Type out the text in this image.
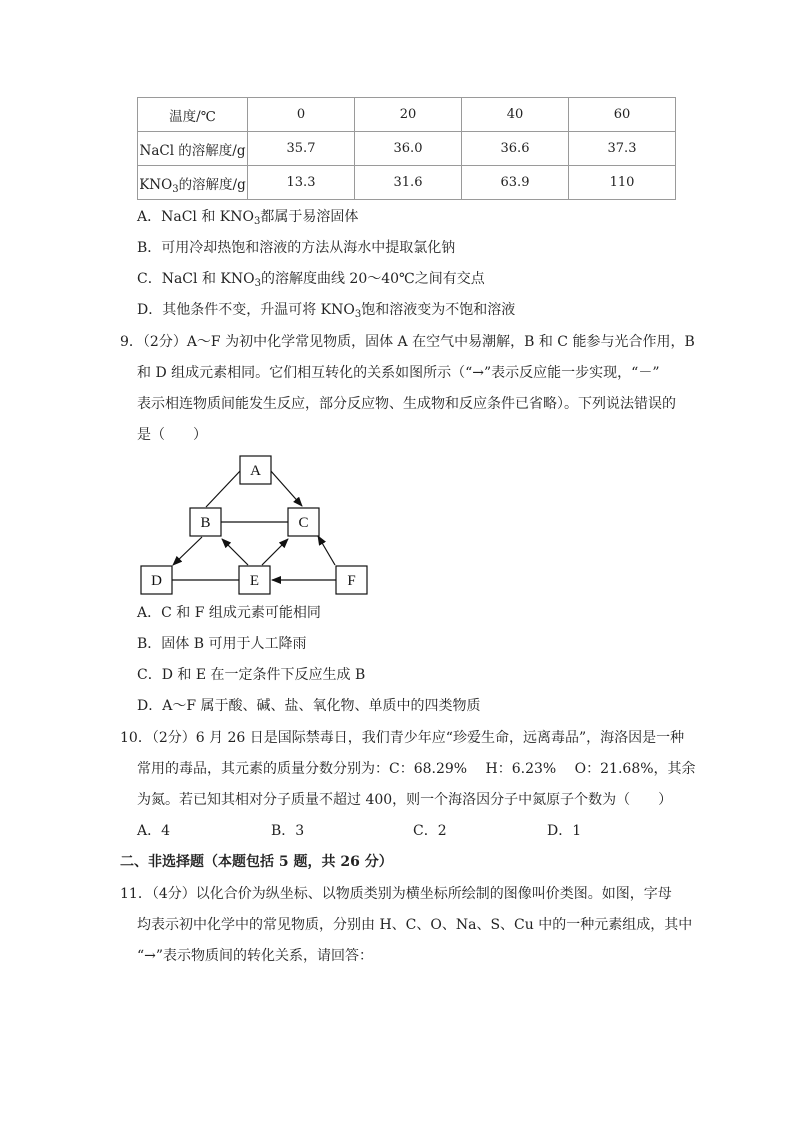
温度/℃	0	20	40	60
NaCl 的溶解度/g	35.7	36.0	36.6	37.3
$KNO_3$的溶解度/g	13.3	31.6	63.9	110
A．NaCl 和 $KNO_3$都属于易溶固体
B．可用冷却热饱和溶液的方法从海水中提取氯化钠
C．NaCl 和 $KNO_3$的溶解度曲线 20～40℃之间有交点
D．其他条件不变，升温可将 $KNO_3$饱和溶液变为不饱和溶液
9．（2分）A～F 为初中化学常见物质，固体 A 在空气中易潮解，B 和 C 能参与光合作用，B
和 D 组成元素相同。它们相互转化的关系如图所示（“→”表示反应能一步实现，“－”
表示相连物质间能发生反应，部分反应物、生成物和反应条件已省略）。下列说法错误的
是（　　）
A
B	C
D	E	F
A．C 和 F 组成元素可能相同
B．固体 B 可用于人工降雨
C．D 和 E 在一定条件下反应生成 B
D．A～F 属于酸、碱、盐、氧化物、单质中的四类物质
10．（2分）6 月 26 日是国际禁毒日，我们青少年应“珍爱生命，远离毒品”，海洛因是一种
常用的毒品，其元素的质量分数分别为：C：68.29%　 H：6.23%　 O：21.68%，其余
为氮。若已知其相对分子质量不超过 400，则一个海洛因分子中氮原子个数为（　　）
A．4	B．3	C．2	D．1
二、非选择题（本题包括 5 题，共 26 分）
11．（4分）以化合价为纵坐标、以物质类别为横坐标所绘制的图像叫价类图。如图，字母
均表示初中化学中的常见物质，分别由 H、C、O、Na、S、Cu 中的一种元素组成，其中
“→”表示物质间的转化关系，请回答：
